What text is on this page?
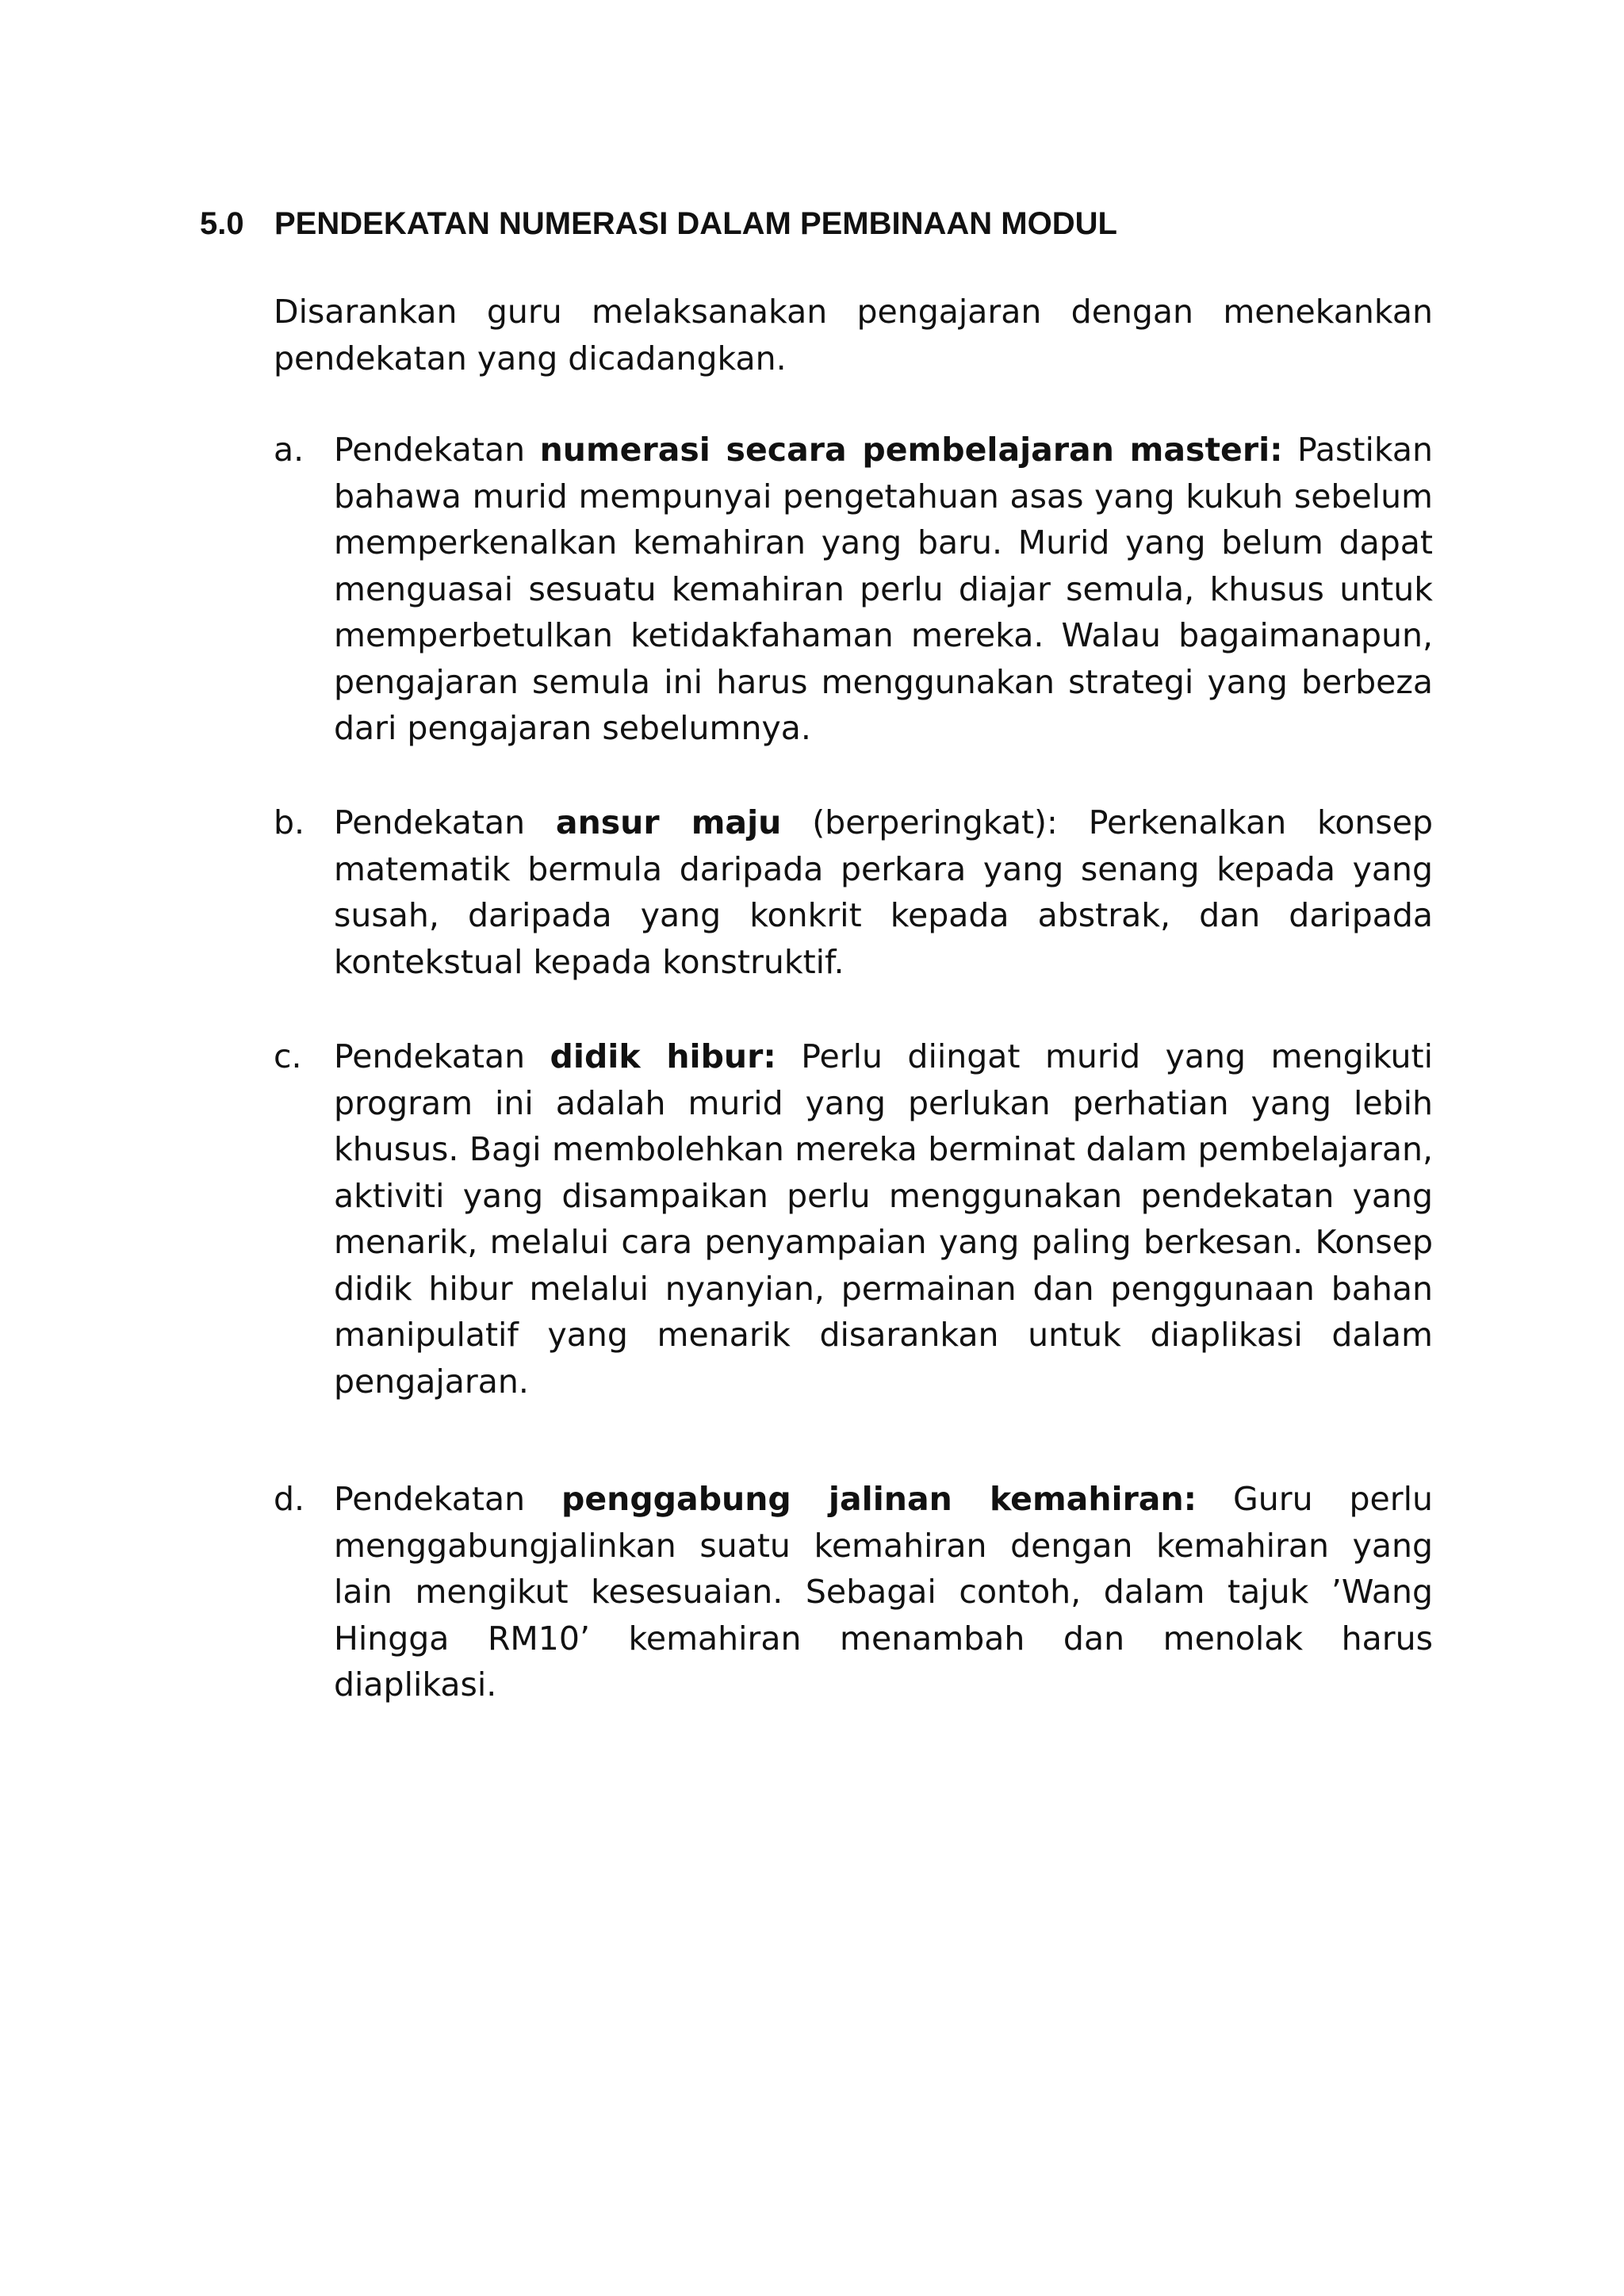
5.0 PENDEKATAN NUMERASI DALAM PEMBINAAN MODUL

Disarankan guru melaksanakan pengajaran dengan menekankan pendekatan yang dicadangkan.

a. Pendekatan numerasi secara pembelajaran masteri: Pastikan bahawa murid mempunyai pengetahuan asas yang kukuh sebelum memperkenalkan kemahiran yang baru. Murid yang belum dapat menguasai sesuatu kemahiran perlu diajar semula, khusus untuk memperbetulkan ketidakfahaman mereka. Walau bagaimanapun, pengajaran semula ini harus menggunakan strategi yang berbeza dari pengajaran sebelumnya.

b. Pendekatan ansur maju (berperingkat): Perkenalkan konsep matematik bermula daripada perkara yang senang kepada yang susah, daripada yang konkrit kepada abstrak, dan daripada kontekstual kepada konstruktif.

c. Pendekatan didik hibur: Perlu diingat murid yang mengikuti program ini adalah murid yang perlukan perhatian yang lebih khusus. Bagi membolehkan mereka berminat dalam pembelajaran, aktiviti yang disampaikan perlu menggunakan pendekatan yang menarik, melalui cara penyampaian yang paling berkesan. Konsep didik hibur melalui nyanyian, permainan dan penggunaan bahan manipulatif yang menarik disarankan untuk diaplikasi dalam pengajaran.

d. Pendekatan penggabung jalinan kemahiran: Guru perlu menggabungjalinkan suatu kemahiran dengan kemahiran yang lain mengikut kesesuaian. Sebagai contoh, dalam tajuk ’Wang Hingga RM10’ kemahiran menambah dan menolak harus diaplikasi.
